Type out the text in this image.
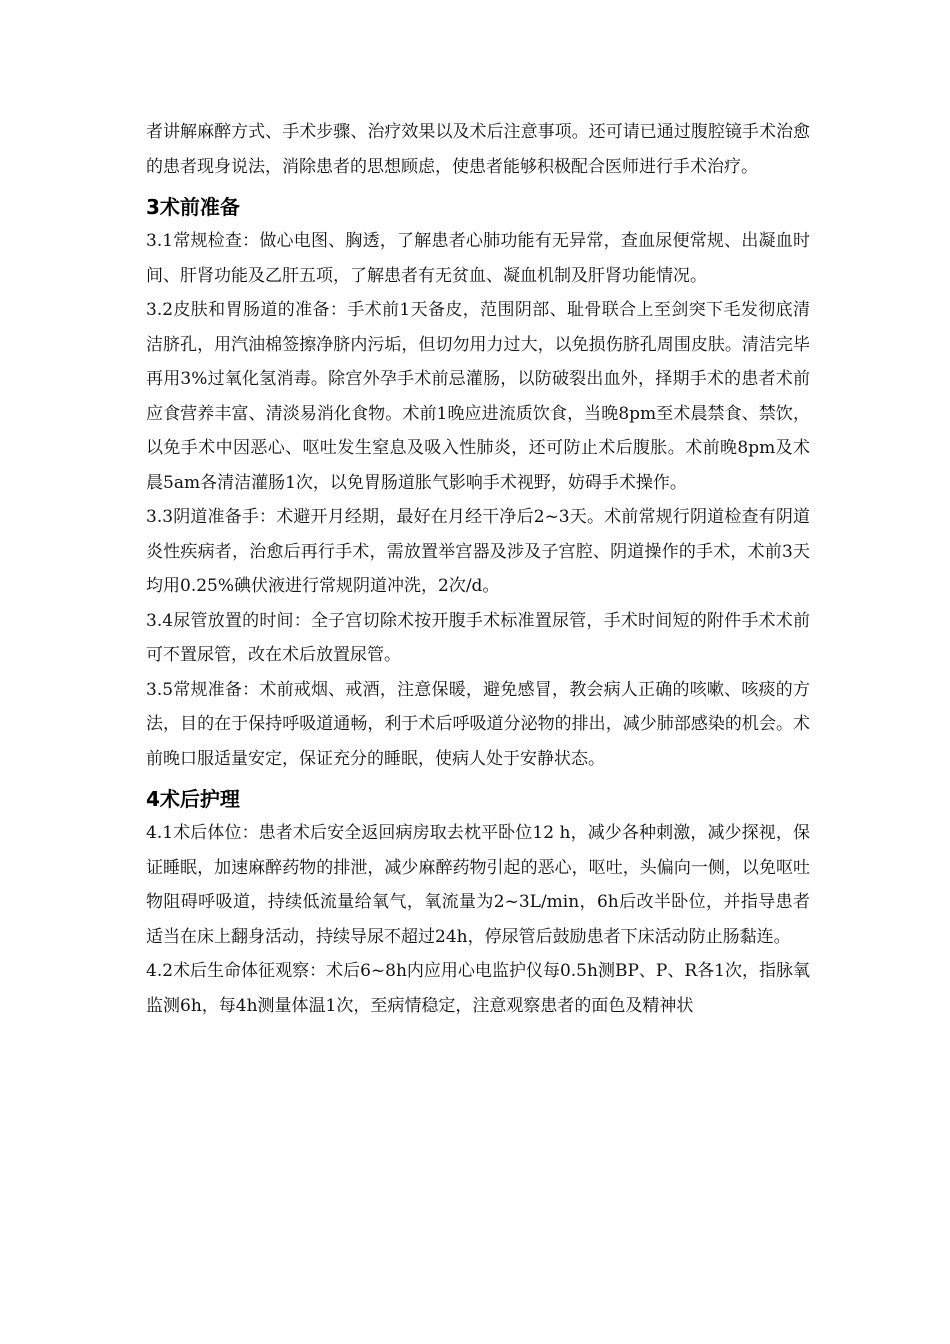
者讲解麻醉方式、手术步骤、治疗效果以及术后注意事项。还可请已通过腹腔镜手术治愈的患者现身说法，消除患者的思想顾虑，使患者能够积极配合医师进行手术治疗。

3术前准备

3.1常规检查：做心电图、胸透，了解患者心肺功能有无异常，查血尿便常规、出凝血时间、肝肾功能及乙肝五项，了解患者有无贫血、凝血机制及肝肾功能情况。

3.2皮肤和胃肠道的准备：手术前1天备皮，范围阴部、耻骨联合上至剑突下毛发彻底清洁脐孔，用汽油棉签擦净脐内污垢，但切勿用力过大，以免损伤脐孔周围皮肤。清洁完毕再用3%过氧化氢消毒。除宫外孕手术前忌灌肠，以防破裂出血外，择期手术的患者术前应食营养丰富、清淡易消化食物。术前1晚应进流质饮食，当晚8pm至术晨禁食、禁饮，以免手术中因恶心、呕吐发生窒息及吸入性肺炎，还可防止术后腹胀。术前晚8pm及术晨5am各清洁灌肠1次，以免胃肠道胀气影响手术视野，妨碍手术操作。

3.3阴道准备手：术避开月经期，最好在月经干净后2~3天。术前常规行阴道检查有阴道炎性疾病者，治愈后再行手术，需放置举宫器及涉及子宫腔、阴道操作的手术，术前3天均用0.25%碘伏液进行常规阴道冲洗，2次/d。

3.4尿管放置的时间：全子宫切除术按开腹手术标准置尿管，手术时间短的附件手术术前可不置尿管，改在术后放置尿管。

3.5常规准备：术前戒烟、戒酒，注意保暖，避免感冒，教会病人正确的咳嗽、咳痰的方法，目的在于保持呼吸道通畅，利于术后呼吸道分泌物的排出，减少肺部感染的机会。术前晚口服适量安定，保证充分的睡眠，使病人处于安静状态。

4术后护理

4.1术后体位：患者术后安全返回病房取去枕平卧位12 h，减少各种刺激，减少探视，保证睡眠，加速麻醉药物的排泄，减少麻醉药物引起的恶心，呕吐，头偏向一侧，以免呕吐物阻碍呼吸道，持续低流量给氧气，氧流量为2~3L/min，6h后改半卧位，并指导患者适当在床上翻身活动，持续导尿不超过24h，停尿管后鼓励患者下床活动防止肠黏连。

4.2术后生命体征观察：术后6~8h内应用心电监护仪每0.5h测BP、P、R各1次，指脉氧监测6h，每4h测量体温1次，至病情稳定，注意观察患者的面色及精神状
